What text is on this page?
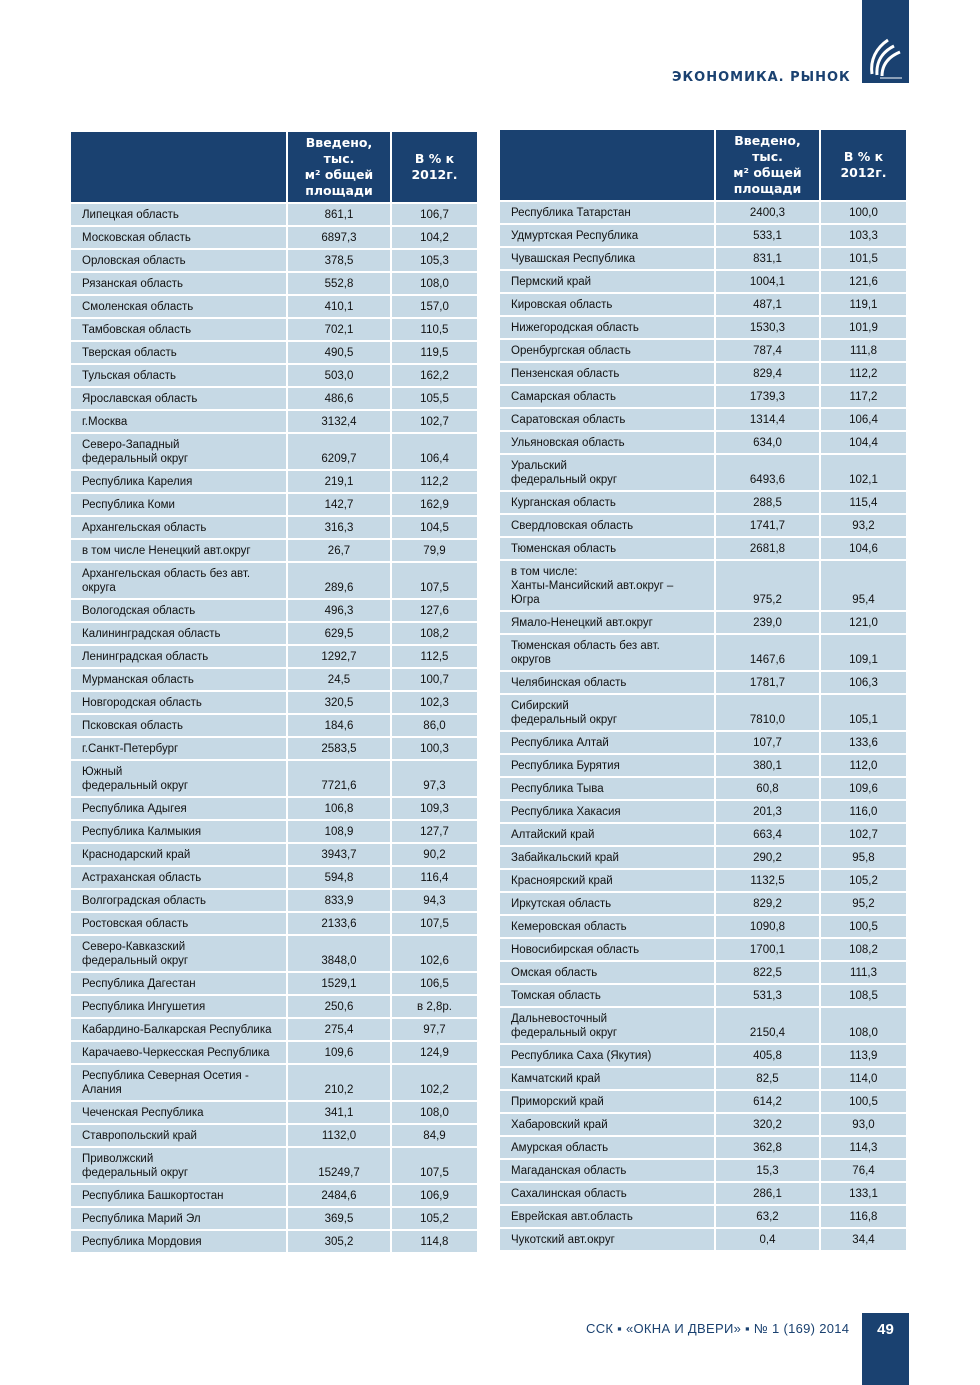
ЭКОНОМИКА. РЫНОК
	Введено,
тыс.
м² общей
площади	В % к
2012г.
Липецкая область	861,1	106,7
Московская область	6897,3	104,2
Орловская область	378,5	105,3
Рязанская область	552,8	108,0
Смоленская область	410,1	157,0
Тамбовская область	702,1	110,5
Тверская область	490,5	119,5
Тульская область	503,0	162,2
Ярославская область	486,6	105,5
г.Москва	3132,4	102,7
Северо-Западный
федеральный округ	6209,7	106,4
Республика Карелия	219,1	112,2
Республика Коми	142,7	162,9
Архангельская область	316,3	104,5
в том числе Ненецкий авт.округ	26,7	79,9
Архангельская область без авт.
округа	289,6	107,5
Вологодская область	496,3	127,6
Калининградская область	629,5	108,2
Ленинградская область	1292,7	112,5
Мурманская область	24,5	100,7
Новгородская область	320,5	102,3
Псковская область	184,6	86,0
г.Санкт-Петербург	2583,5	100,3
Южный
федеральный округ	7721,6	97,3
Республика Адыгея	106,8	109,3
Республика Калмыкия	108,9	127,7
Краснодарский край	3943,7	90,2
Астраханская область	594,8	116,4
Волгоградская область	833,9	94,3
Ростовская область	2133,6	107,5
Северо-Кавказский
федеральный округ	3848,0	102,6
Республика Дагестан	1529,1	106,5
Республика Ингушетия	250,6	в 2,8р.
Кабардино-Балкарская Республика	275,4	97,7
Карачаево-Черкесская Республика	109,6	124,9
Республика Северная Осетия -
Алания	210,2	102,2
Чеченская Республика	341,1	108,0
Ставропольский край	1132,0	84,9
Приволжский
федеральный округ	15249,7	107,5
Республика Башкортостан	2484,6	106,9
Республика Марий Эл	369,5	105,2
Республика Мордовия	305,2	114,8
	Введено,
тыс.
м² общей
площади	В % к
2012г.
Республика Татарстан	2400,3	100,0
Удмуртская Республика	533,1	103,3
Чувашская Республика	831,1	101,5
Пермский край	1004,1	121,6
Кировская область	487,1	119,1
Нижегородская область	1530,3	101,9
Оренбургская область	787,4	111,8
Пензенская область	829,4	112,2
Самарская область	1739,3	117,2
Саратовская область	1314,4	106,4
Ульяновская область	634,0	104,4
Уральский
федеральный округ	6493,6	102,1
Курганская область	288,5	115,4
Свердловская область	1741,7	93,2
Тюменская область	2681,8	104,6
в том числе:
Ханты-Мансийский авт.округ –
Югра	975,2	95,4
Ямало-Ненецкий авт.округ	239,0	121,0
Тюменская область без авт.
округов	1467,6	109,1
Челябинская область	1781,7	106,3
Сибирский
федеральный округ	7810,0	105,1
Республика Алтай	107,7	133,6
Республика Бурятия	380,1	112,0
Республика Тыва	60,8	109,6
Республика Хакасия	201,3	116,0
Алтайский край	663,4	102,7
Забайкальский край	290,2	95,8
Красноярский край	1132,5	105,2
Иркутская область	829,2	95,2
Кемеровская область	1090,8	100,5
Новосибирская область	1700,1	108,2
Омская область	822,5	111,3
Томская область	531,3	108,5
Дальневосточный
федеральный округ	2150,4	108,0
Республика Саха (Якутия)	405,8	113,9
Камчатский край	82,5	114,0
Приморский край	614,2	100,5
Хабаровский край	320,2	93,0
Амурская область	362,8	114,3
Магаданская область	15,3	76,4
Сахалинская область	286,1	133,1
Еврейская авт.область	63,2	116,8
Чукотский авт.округ	0,4	34,4
ССК ▪ «ОКНА И ДВЕРИ» ▪ № 1 (169) 2014	49
